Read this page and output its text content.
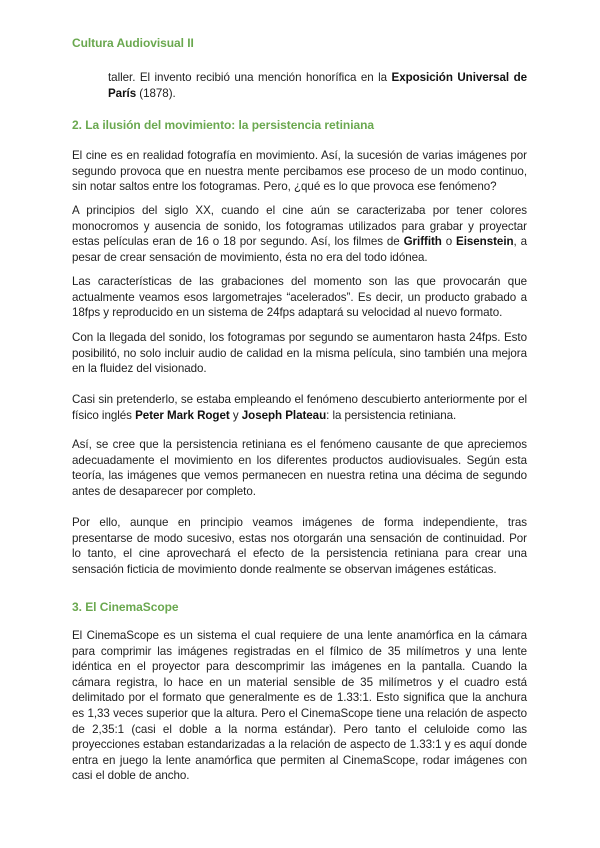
Cultura Audiovisual II

taller. El invento recibió una mención honorífica en la Exposición Universal de París (1878).

2. La ilusión del movimiento: la persistencia retiniana

El cine es en realidad fotografía en movimiento. Así, la sucesión de varias imágenes por segundo provoca que en nuestra mente percibamos ese proceso de un modo continuo, sin notar saltos entre los fotogramas. Pero, ¿qué es lo que provoca ese fenómeno?

A principios del siglo XX, cuando el cine aún se caracterizaba por tener colores monocromos y ausencia de sonido, los fotogramas utilizados para grabar y proyectar estas películas eran de 16 o 18 por segundo. Así, los filmes de Griffith o Eisenstein, a pesar de crear sensación de movimiento, ésta no era del todo idónea.

Las características de las grabaciones del momento son las que provocarán que actualmente veamos esos largometrajes “acelerados”. Es decir, un producto grabado a 18fps y reproducido en un sistema de 24fps adaptará su velocidad al nuevo formato.

Con la llegada del sonido, los fotogramas por segundo se aumentaron hasta 24fps. Esto posibilitó, no solo incluir audio de calidad en la misma película, sino también una mejora en la fluidez del visionado.

Casi sin pretenderlo, se estaba empleando el fenómeno descubierto anteriormente por el físico inglés Peter Mark Roget y Joseph Plateau: la persistencia retiniana.

Así, se cree que la persistencia retiniana es el fenómeno causante de que apreciemos adecuadamente el movimiento en los diferentes productos audiovisuales. Según esta teoría, las imágenes que vemos permanecen en nuestra retina una décima de segundo antes de desaparecer por completo.

Por ello, aunque en principio veamos imágenes de forma independiente, tras presentarse de modo sucesivo, estas nos otorgarán una sensación de continuidad. Por lo tanto, el cine aprovechará el efecto de la persistencia retiniana para crear una sensación ficticia de movimiento donde realmente se observan imágenes estáticas.

3. El CinemaScope

El CinemaScope es un sistema el cual requiere de una lente anamórfica en la cámara para comprimir las imágenes registradas en el fílmico de 35 milímetros y una lente idéntica en el proyector para descomprimir las imágenes en la pantalla. Cuando la cámara registra, lo hace en un material sensible de 35 milímetros y el cuadro está delimitado por el formato que generalmente es de 1.33:1. Esto significa que la anchura es 1,33 veces superior que la altura. Pero el CinemaScope tiene una relación de aspecto de 2,35:1 (casi el doble a la norma estándar). Pero tanto el celuloide como las proyecciones estaban estandarizadas a la relación de aspecto de 1.33:1 y es aquí donde entra en juego la lente anamórfica que permiten al CinemaScope, rodar imágenes con casi el doble de ancho.
